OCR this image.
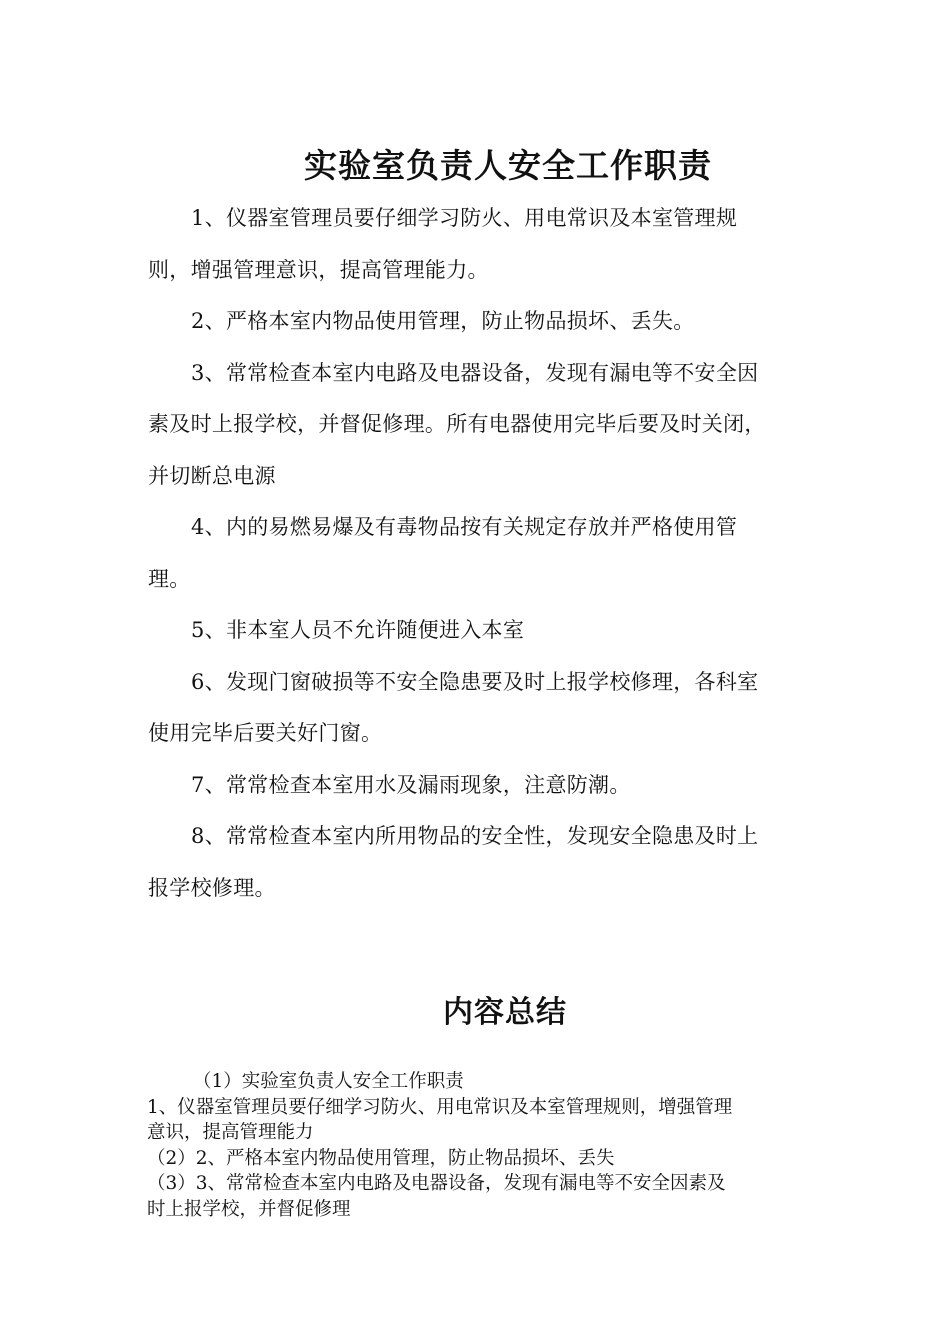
实验室负责人安全工作职责

1、仪器室管理员要仔细学习防火、用电常识及本室管理规
则，增强管理意识，提高管理能力。

2、严格本室内物品使用管理，防止物品损坏、丢失。

3、常常检查本室内电路及电器设备，发现有漏电等不安全因
素及时上报学校，并督促修理。所有电器使用完毕后要及时关闭，
并切断总电源

4、内的易燃易爆及有毒物品按有关规定存放并严格使用管
理。

5、非本室人员不允许随便进入本室

6、发现门窗破损等不安全隐患要及时上报学校修理，各科室
使用完毕后要关好门窗。

7、常常检查本室用水及漏雨现象，注意防潮。

8、常常检查本室内所用物品的安全性，发现安全隐患及时上
报学校修理。

内容总结
（1）实验室负责人安全工作职责
1、仪器室管理员要仔细学习防火、用电常识及本室管理规则，增强管理
意识，提高管理能力
（2）2、严格本室内物品使用管理，防止物品损坏、丢失
（3）3、常常检查本室内电路及电器设备，发现有漏电等不安全因素及
时上报学校，并督促修理
